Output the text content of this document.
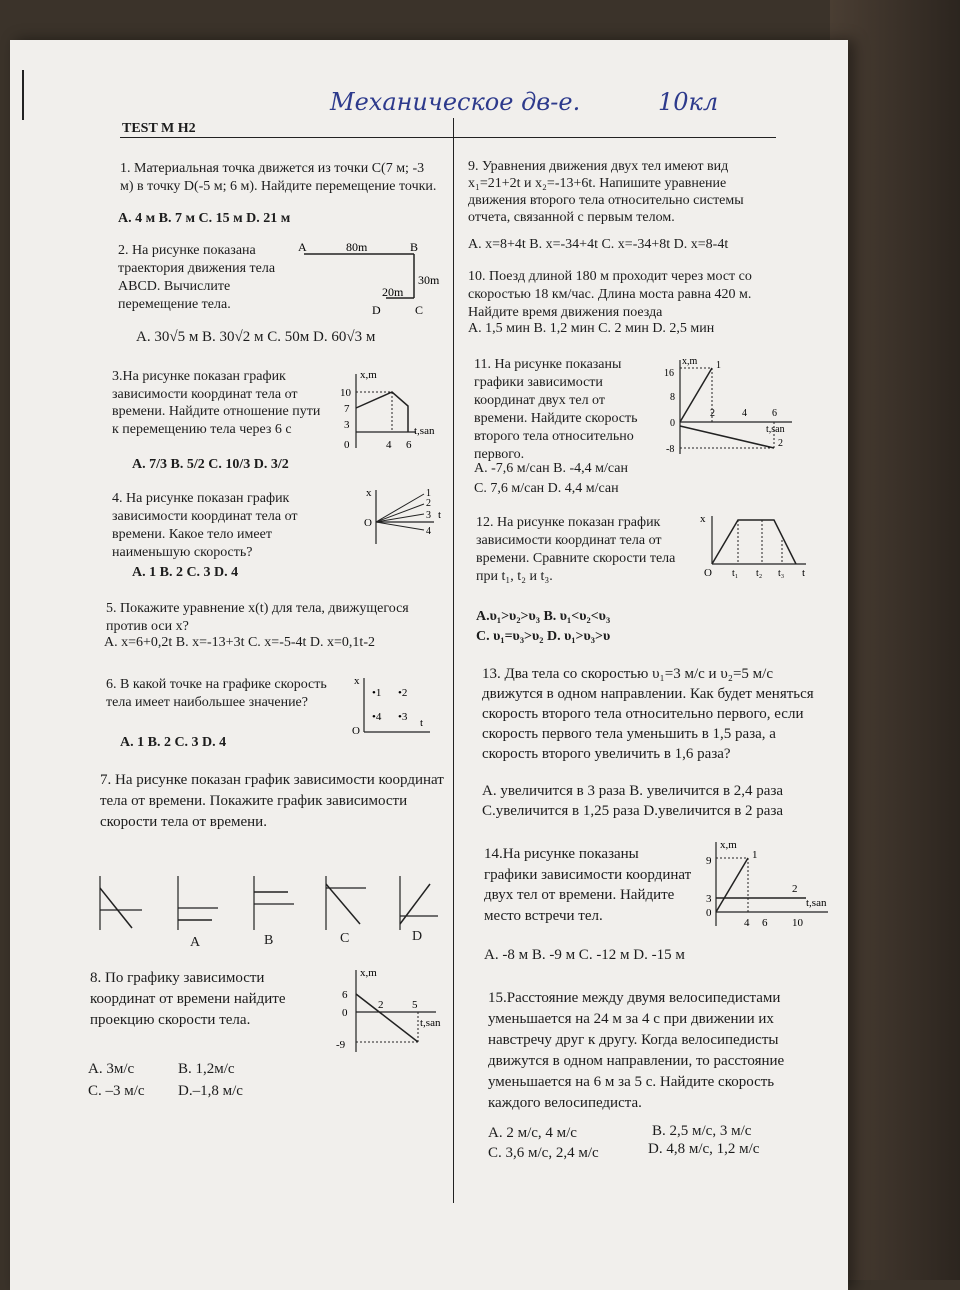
Механическое дв-е.	10кл
TEST M H2
1. Материальная точка движется из точки C(7 м; -3 м) в точку D(-5 м; 6 м). Найдите перемещение точки.
A. 4 м B. 7 м C. 15 м D. 21 м
2. На рисунке показана траектория движения тела ABCD. Вычислите перемещение тела.
A	B
C
D
80m
30m
20m
A. 30√5 м B. 30√2 м C. 50м D. 60√3 м
3.На рисунке показан график зависимости координат тела от времени. Найдите отношение пути к перемещению тела через 6 с
A. 7/3 B. 5/2 C. 10/3 D. 3/2
x,m
10
7
3
0	4 6
t,san
4. На рисунке показан график зависимости координат тела от времени. Какое тело имеет наименьшую скорость?
A. 1 B. 2 C. 3 D. 4
x
O
1
2
3
4
t
5. Покажите уравнение x(t) для тела, движущегося против оси x?
A. x=6+0,2t B. x=-13+3t C. x=-5-4t D. x=0,1t-2
6. В какой точке на графике скорость тела имеет наибольшее значение?
A. 1 B. 2 C. 3 D. 4
x
O
•1 •2
•4 •3 t
7. На рисунке показан график зависимости координат тела от времени. Покажите график зависимости скорости тела от времени.
A	B	C	D
8. По графику зависимости координат от времени найдите проекцию скорости тела.
A. 3м/с	B. 1,2м/с
C. –3 м/с D.–1,8 м/с
x,m
6
0
-9
2	5
t,san
9. Уравнения движения двух тел имеют вид x₁=21+2t и x₂=-13+6t. Напишите уравнение движения второго тела относительно системы отчета, связанной с первым телом.
A. x=8+4t B. x=-34+4t C. x=-34+8t D. x=8-4t
10. Поезд длиной 180 м проходит через мост со скоростью 18 км/час. Длина моста равна 420 м. Найдите время движения поезда
A. 1,5 мин B. 1,2 мин C. 2 мин D. 2,5 мин
11. На рисунке показаны графики зависимости координат двух тел от времени. Найдите скорость второго тела относительно первого.
A. -7,6 м/сан B. -4,4 м/сан
C. 7,6 м/сан D. 4,4 м/сан
x,m
16
8
0
-8
1
2	4	6
t,san
2
12. На рисунке показан график зависимости координат тела от времени. Сравните скорости тела при t₁, t₂ и t₃.
A.υ₁>υ₂>υ₃ B. υ₁<υ₂<υ₃
C. υ₁=υ₃>υ₂ D. υ₁>υ₃>υ
x
O t₁ t₂ t₃ t
13. Два тела со скоростью υ₁=3 м/с и υ₂=5 м/с движутся в одном направлении. Как будет меняться скорость второго тела относительно первого, если скорость первого тела уменьшить в 1,5 раза, а скорость второго увеличить в 1,6 раза?
A. увеличится в 3 раза B. увеличится в 2,4 раза
C.увеличится в 1,25 раза D.увеличится в 2 раза
14.На рисунке показаны графики зависимости координат двух тел от времени. Найдите место встречи тел.
A. -8 м B. -9 м C. -12 м D. -15 м
x,m
9
3
0
1
2
4 6 10
t,san
15.Расстояние между двумя велосипедистами уменьшается на 24 м за 4 с при движении их навстречу друг к другу. Когда велосипедисты движутся в одном направлении, то расстояние уменьшается на 6 м за 5 с. Найдите скорость каждого велосипедиста.
A. 2 м/с, 4 м/с	B. 2,5 м/с, 3 м/с
C. 3,6 м/с, 2,4 м/с	D. 4,8 м/с, 1,2 м/с
